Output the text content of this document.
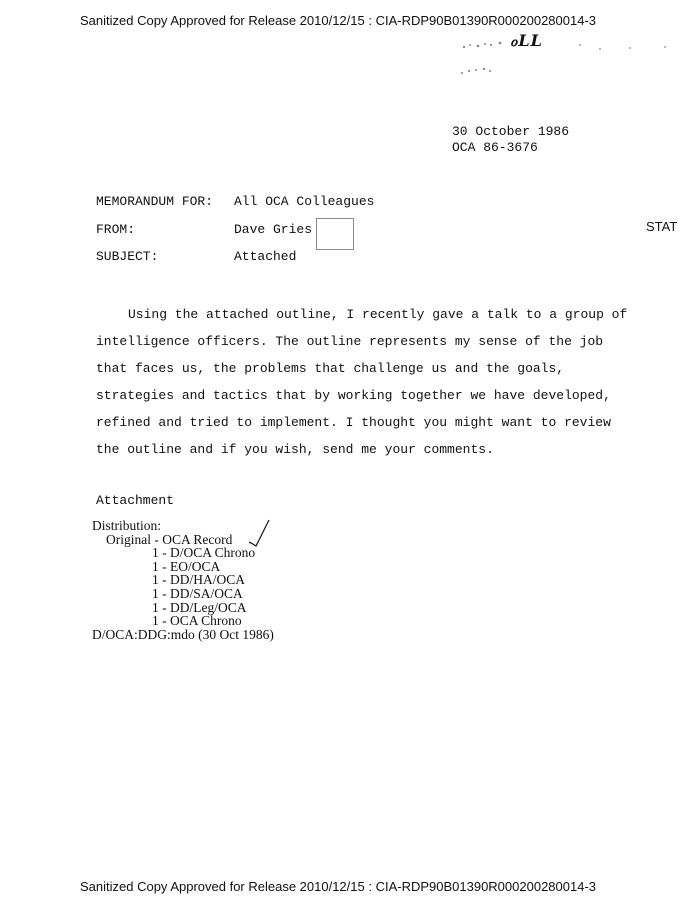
Sanitized Copy Approved for Release 2010/12/15 : CIA-RDP90B01390R000200280014-3
ℴLL
STAT
30 October 1986
OCA 86-3676
MEMORANDUM FOR: All OCA Colleagues
FROM:	Dave Gries
SUBJECT:	Attached

Using the attached outline, I recently gave a talk to a group of intelligence officers. The outline represents my sense of the job that faces us, the problems that challenge us and the goals, strategies and tactics that by working together we have developed, refined and tried to implement. I thought you might want to review the outline and if you wish, send me your comments.

Attachment
Distribution:
Original - OCA Record
1 - D/OCA Chrono
1 - EO/OCA
1 - DD/HA/OCA
1 - DD/SA/OCA
1 - DD/Leg/OCA
1 - OCA Chrono
D/OCA:DDG:mdo (30 Oct 1986)
Sanitized Copy Approved for Release 2010/12/15 : CIA-RDP90B01390R000200280014-3
